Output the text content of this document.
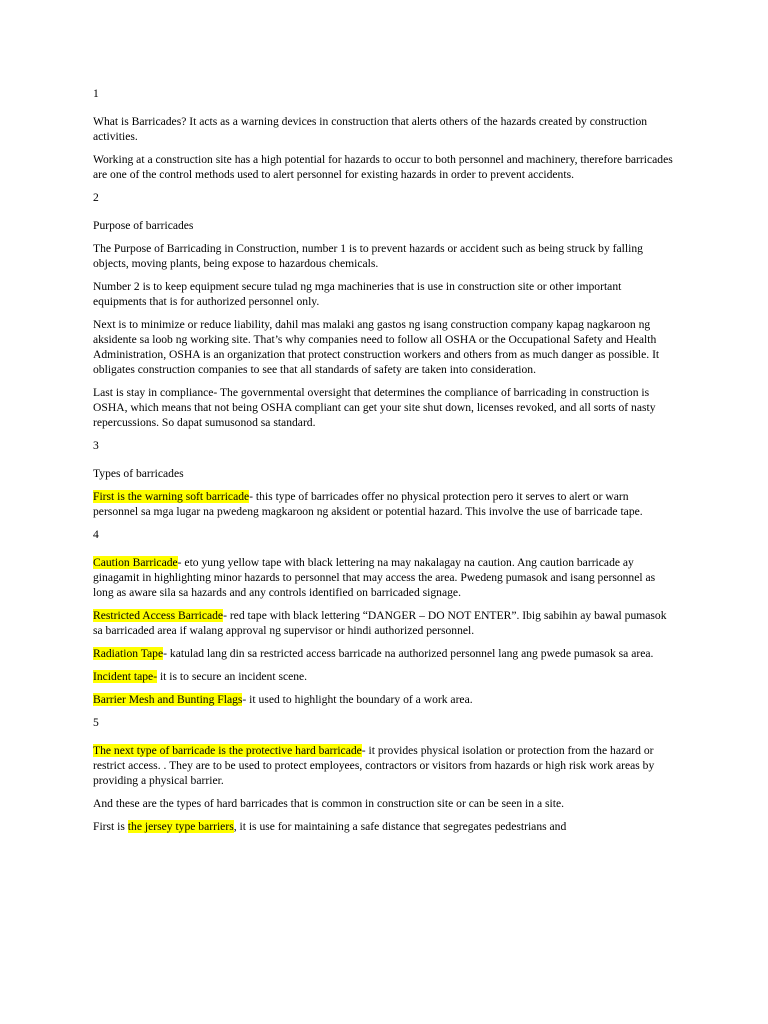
1
What is Barricades? It acts as a warning devices in construction that alerts others of the hazards created by construction activities.
Working at a construction site has a high potential for hazards to occur to both personnel and machinery, therefore barricades are one of the control methods used to alert personnel for existing hazards in order to prevent accidents.
2
Purpose of barricades
The Purpose of Barricading in Construction, number 1 is to prevent hazards or accident such as being struck by falling objects, moving plants, being expose to hazardous chemicals.
Number 2 is to keep equipment secure tulad ng mga machineries that is use in construction site or other important equipments that is for authorized personnel only.
Next is to minimize or reduce liability, dahil mas malaki ang gastos ng isang construction company kapag nagkaroon ng aksidente sa loob ng working site. That’s why companies need to follow all OSHA or the Occupational Safety and Health Administration, OSHA is an organization that protect construction workers and others from as much danger as possible. It obligates construction companies to see that all standards of safety are taken into consideration.
Last is stay in compliance- The governmental oversight that determines the compliance of barricading in construction is OSHA, which means that not being OSHA compliant can get your site shut down, licenses revoked, and all sorts of nasty repercussions. So dapat sumusonod sa standard.
3
Types of barricades
First is the warning soft barricade- this type of barricades offer no physical protection pero it serves to alert or warn personnel sa mga lugar na pwedeng magkaroon ng aksident or potential hazard. This involve the use of barricade tape.
4
Caution Barricade- eto yung yellow tape with black lettering na may nakalagay na caution. Ang caution barricade ay ginagamit in highlighting minor hazards to personnel that may access the area. Pwedeng pumasok and isang personnel as long as aware sila sa hazards and any controls identified on barricaded signage.
Restricted Access Barricade- red tape with black lettering “DANGER – DO NOT ENTER”. Ibig sabihin ay bawal pumasok sa barricaded area if walang approval ng supervisor or hindi authorized personnel.
Radiation Tape- katulad lang din sa restricted access barricade na authorized personnel lang ang pwede pumasok sa area.
Incident tape- it is to secure an incident scene.
Barrier Mesh and Bunting Flags- it used to highlight the boundary of a work area.
5
The next type of barricade is the protective hard barricade- it provides physical isolation or protection from the hazard or restrict access. . They are to be used to protect employees, contractors or visitors from hazards or high risk work areas by providing a physical barrier.
And these are the types of hard barricades that is common in construction site or can be seen in a site.
First is the jersey type barriers, it is use for maintaining a safe distance that segregates pedestrians and
